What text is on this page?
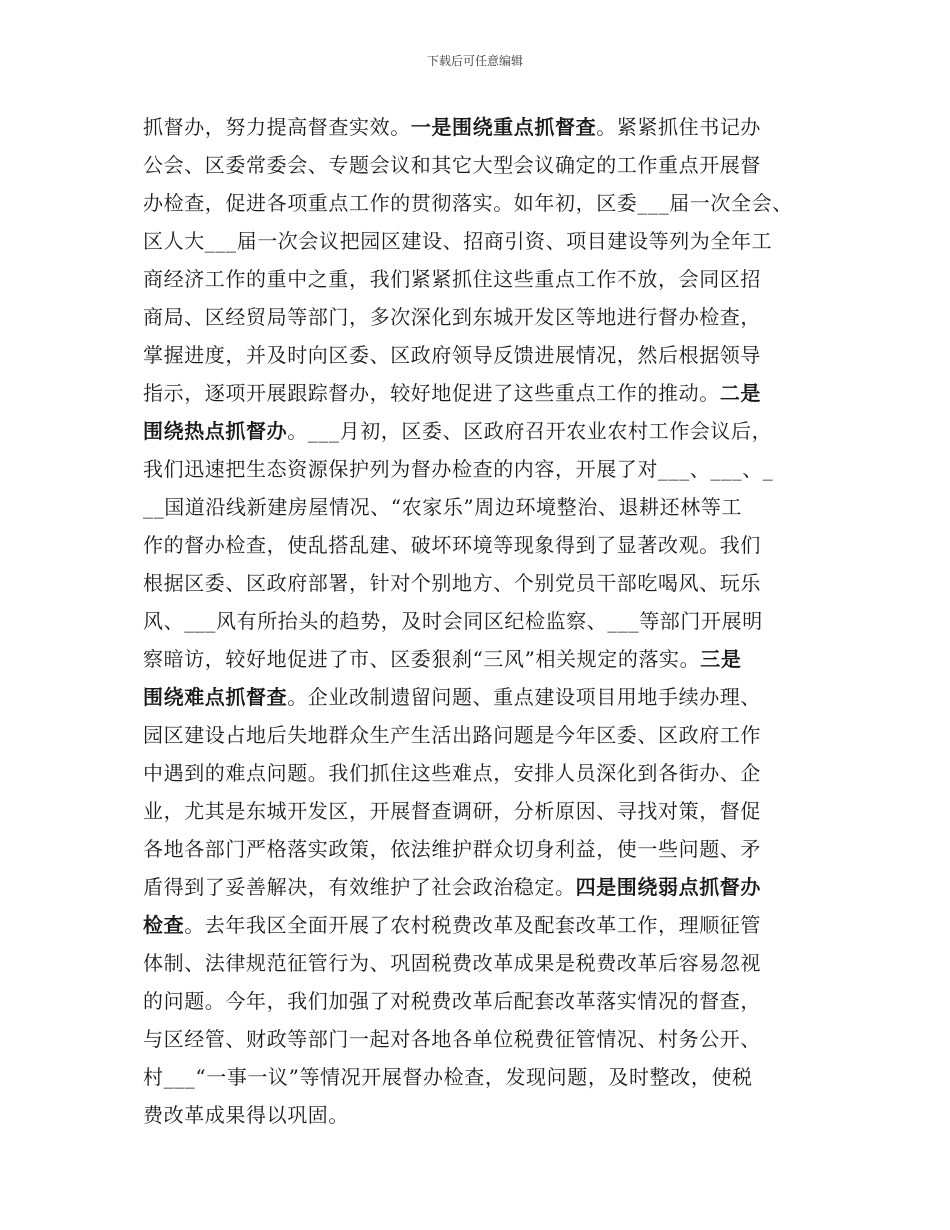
下载后可任意编辑
抓督办，努力提高督查实效。一是围绕重点抓督查。紧紧抓住书记办
公会、区委常委会、专题会议和其它大型会议确定的工作重点开展督
办检查，促进各项重点工作的贯彻落实。如年初，区委___届一次全会、
区人大___届一次会议把园区建设、招商引资、项目建设等列为全年工
商经济工作的重中之重，我们紧紧抓住这些重点工作不放，会同区招
商局、区经贸局等部门，多次深化到东城开发区等地进行督办检查，
掌握进度，并及时向区委、区政府领导反馈进展情况，然后根据领导
指示，逐项开展跟踪督办，较好地促进了这些重点工作的推动。二是
围绕热点抓督办。___月初，区委、区政府召开农业农村工作会议后，
我们迅速把生态资源保护列为督办检查的内容，开展了对___、___、_
__国道沿线新建房屋情况、“农家乐”周边环境整治、退耕还林等工
作的督办检查，使乱搭乱建、破坏环境等现象得到了显著改观。我们
根据区委、区政府部署，针对个别地方、个别党员干部吃喝风、玩乐
风、___风有所抬头的趋势，及时会同区纪检监察、___等部门开展明
察暗访，较好地促进了市、区委狠刹“三风”相关规定的落实。三是
围绕难点抓督查。企业改制遗留问题、重点建设项目用地手续办理、
园区建设占地后失地群众生产生活出路问题是今年区委、区政府工作
中遇到的难点问题。我们抓住这些难点，安排人员深化到各街办、企
业，尤其是东城开发区，开展督查调研，分析原因、寻找对策，督促
各地各部门严格落实政策，依法维护群众切身利益，使一些问题、矛
盾得到了妥善解决，有效维护了社会政治稳定。四是围绕弱点抓督办
检查。去年我区全面开展了农村税费改革及配套改革工作，理顺征管
体制、法律规范征管行为、巩固税费改革成果是税费改革后容易忽视
的问题。今年，我们加强了对税费改革后配套改革落实情况的督查，
与区经管、财政等部门一起对各地各单位税费征管情况、村务公开、
村___“一事一议”等情况开展督办检查，发现问题，及时整改，使税
费改革成果得以巩固。
